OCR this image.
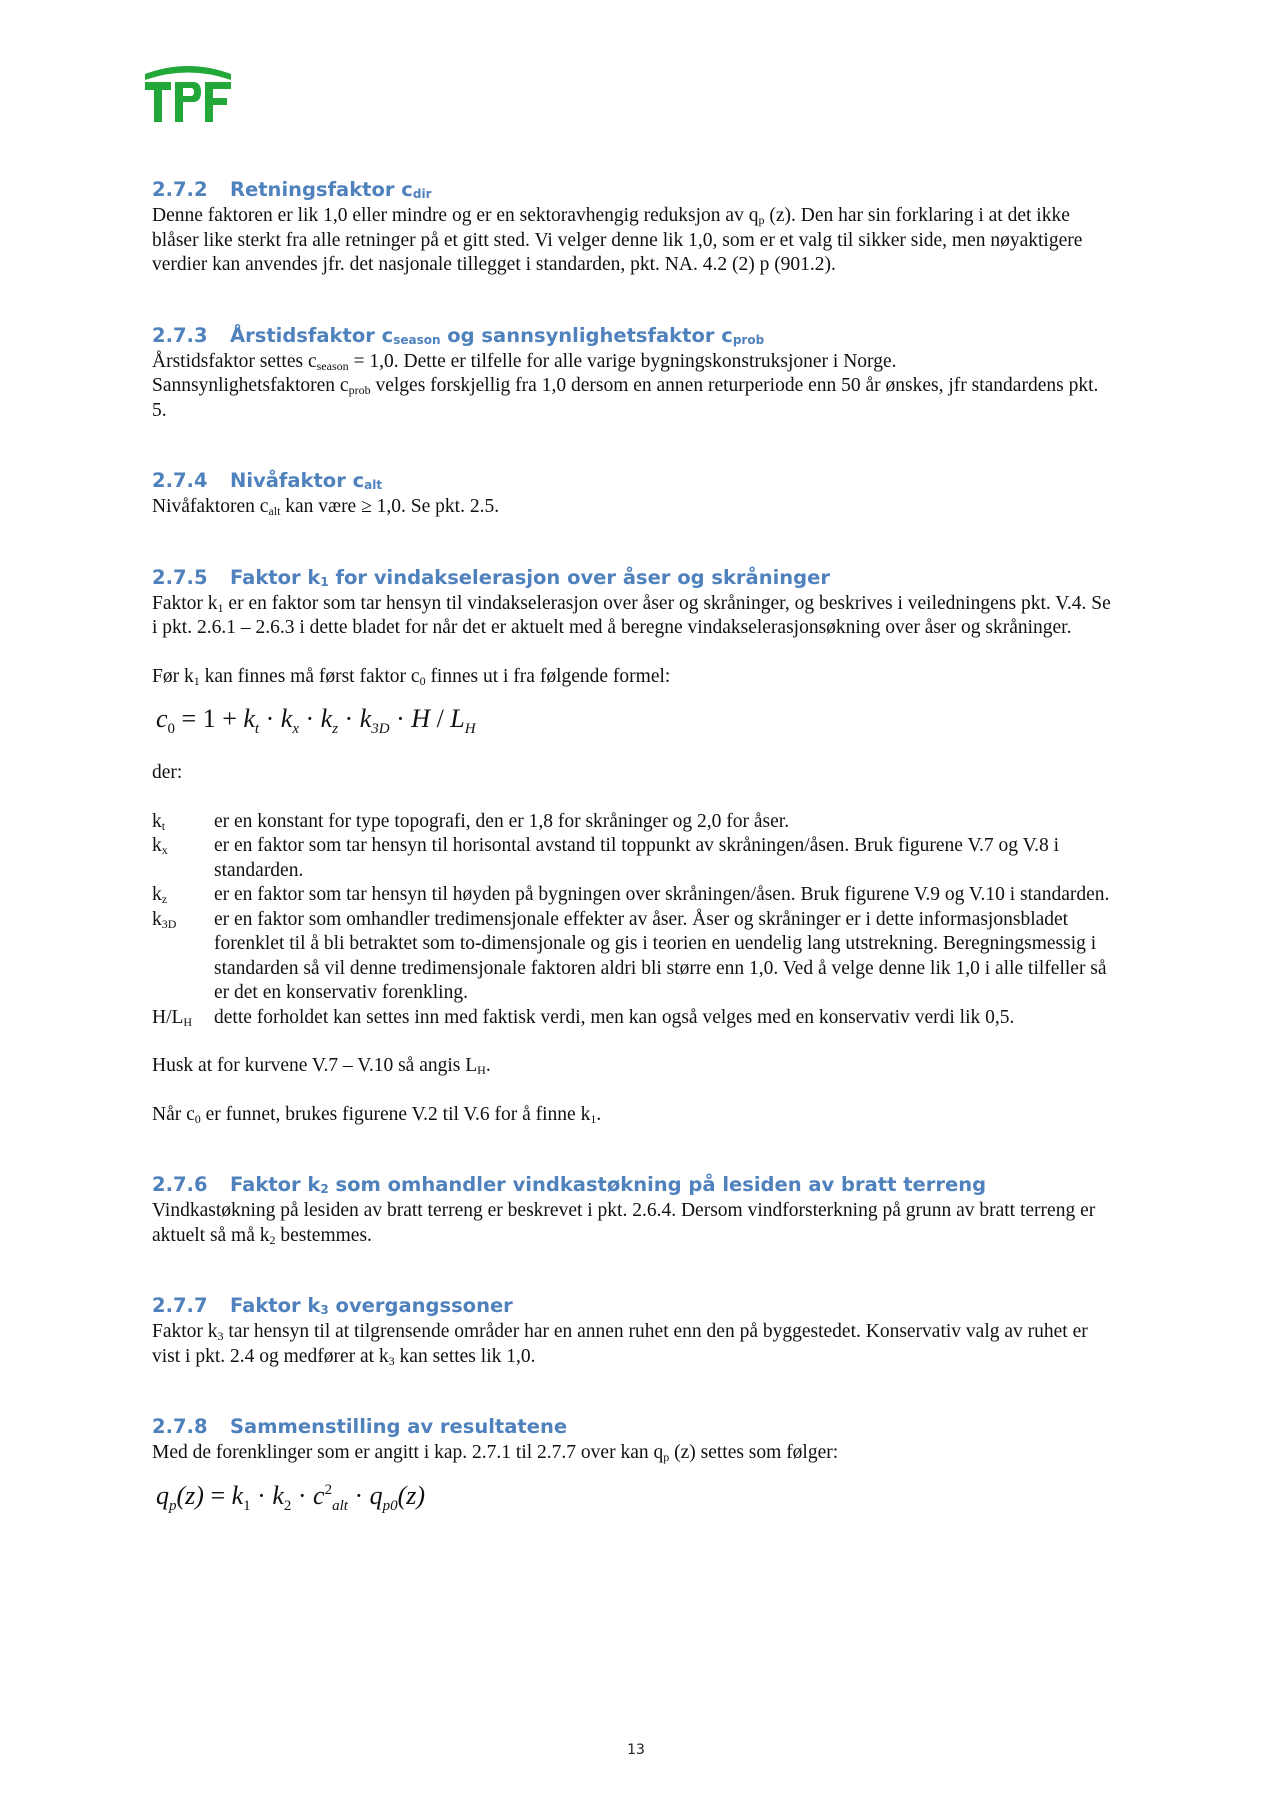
2.7.2 Retningsfaktor $c_{dir}$

Denne faktoren er lik 1,0 eller mindre og er en sektoravhengig reduksjon av $q_p$ (z). Den har sin forklaring i at det ikke blåser like sterkt fra alle retninger på et gitt sted. Vi velger denne lik 1,0, som er et valg til sikker side, men nøyaktigere verdier kan anvendes jfr. det nasjonale tillegget i standarden, pkt. NA. 4.2 (2) p (901.2).

2.7.3 Årstidsfaktor $c_{season}$ og sannsynlighetsfaktor $c_{prob}$

Årstidsfaktor settes $c_{season} = 1,0$. Dette er tilfelle for alle varige bygningskonstruksjoner i Norge.

Sannsynlighetsfaktoren $c_{prob}$ velges forskjellig fra 1,0 dersom en annen returperiode enn 50 år ønskes, jfr standardens pkt. 5.

2.7.4 Nivåfaktor $c_{alt}$

Nivåfaktoren $c_{alt}$ kan være ≥ 1,0. Se pkt. 2.5.

2.7.5 Faktor $k_1$ for vindakselerasjon over åser og skråninger

Faktor $k_1$ er en faktor som tar hensyn til vindakselerasjon over åser og skråninger, og beskrives i veiledningens pkt. V.4. Se i pkt. 2.6.1 – 2.6.3 i dette bladet for når det er aktuelt med å beregne vindakselerasjonsøkning over åser og skråninger.

Før $k_1$ kan finnes må først faktor $c_0$ finnes ut i fra følgende formel:

$c_0 = 1 + k_t \cdot k_x \cdot k_z \cdot k_{3D} \cdot H / L_H$

der:

$k_t$	er en konstant for type topografi, den er 1,8 for skråninger og 2,0 for åser.
$k_x$	er en faktor som tar hensyn til horisontal avstand til toppunkt av skråningen/åsen. Bruk figurene V.7 og V.8 i standarden.
$k_z$	er en faktor som tar hensyn til høyden på bygningen over skråningen/åsen. Bruk figurene V.9 og V.10 i standarden.
$k_{3D}$	er en faktor som omhandler tredimensjonale effekter av åser. Åser og skråninger er i dette informasjonsbladet forenklet til å bli betraktet som to-dimensjonale og gis i teorien en uendelig lang utstrekning. Beregningsmessig i standarden så vil denne tredimensjonale faktoren aldri bli større enn 1,0. Ved å velge denne lik 1,0 i alle tilfeller så er det en konservativ forenkling.
$H/L_H$	dette forholdet kan settes inn med faktisk verdi, men kan også velges med en konservativ verdi lik 0,5.

Husk at for kurvene V.7 – V.10 så angis $L_H$.

Når $c_0$ er funnet, brukes figurene V.2 til V.6 for å finne $k_1$.

2.7.6 Faktor $k_2$ som omhandler vindkastøkning på lesiden av bratt terreng

Vindkastøkning på lesiden av bratt terreng er beskrevet i pkt. 2.6.4. Dersom vindforsterkning på grunn av bratt terreng er aktuelt så må $k_2$ bestemmes.

2.7.7 Faktor $k_3$ overgangssoner

Faktor $k_3$ tar hensyn til at tilgrensende områder har en annen ruhet enn den på byggestedet. Konservativ valg av ruhet er vist i pkt. 2.4 og medfører at $k_3$ kan settes lik 1,0.

2.7.8 Sammenstilling av resultatene

Med de forenklinger som er angitt i kap. 2.7.1 til 2.7.7 over kan $q_p$ (z) settes som følger:

$q_p(z) = k_1 \cdot k_2 \cdot c^2_{alt} \cdot q_{p0}(z)$
13
